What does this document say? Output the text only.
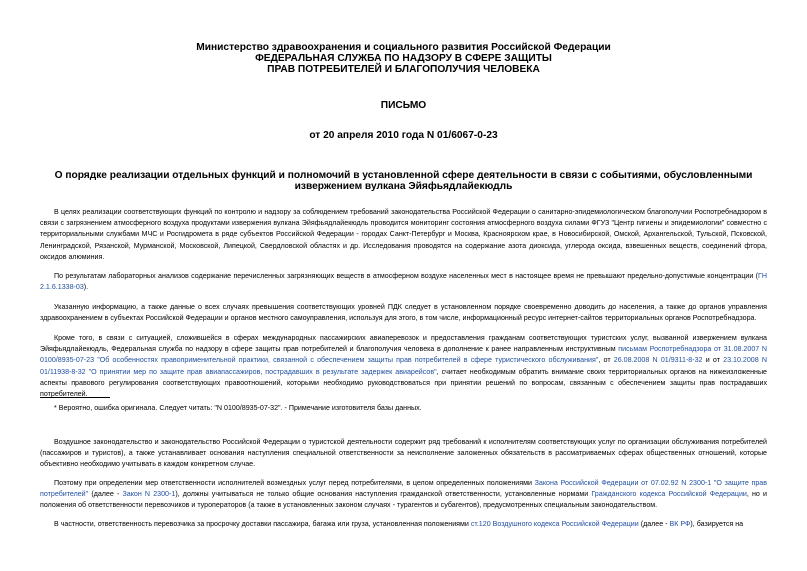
Министерство здравоохранения и социального развития Российской Федерации
ФЕДЕРАЛЬНАЯ СЛУЖБА ПО НАДЗОРУ В СФЕРЕ ЗАЩИТЫ
ПРАВ ПОТРЕБИТЕЛЕЙ И БЛАГОПОЛУЧИЯ ЧЕЛОВЕКА
ПИСЬМО
от 20 апреля 2010 года N 01/6067-0-23
О порядке реализации отдельных функций и полномочий в установленной сфере деятельности в связи с событиями, обусловленными извержением вулкана Эйяфьядлайекюдль

В целях реализации соответствующих функций по контролю и надзору за соблюдением требований законодательства Российской Федерации о санитарно-эпидемиологическом благополучии Роспотребнадзором в связи с загрязнением атмосферного воздуха продуктами извержения вулкана Эйяфьядлайекюдль проводится мониторинг состояния атмосферного воздуха силами ФГУЗ "Центр гигиены и эпидемиологии" совместно с территориальными службами МЧС и Росгидромета в ряде субъектов Российской Федерации - городах Санкт-Петербург и Москва, Красноярском крае, в Новосибирской, Омской, Архангельской, Тульской, Псковской, Ленинградской, Рязанской, Мурманской, Московской, Липецкой, Свердловской областях и др. Исследования проводятся на содержание азота диоксида, углерода оксида, взвешенных веществ, соединений фтора, оксидов алюминия.

По результатам лабораторных анализов содержание перечисленных загрязняющих веществ в атмосферном воздухе населенных мест в настоящее время не превышают предельно-допустимые концентрации (ГН 2.1.6.1338-03).

Указанную информацию, а также данные о всех случаях превышения соответствующих уровней ПДК следует в установленном порядке своевременно доводить до населения, а также до органов управления здравоохранением в субъектах Российской Федерации и органов местного самоуправления, используя для этого, в том числе, информационный ресурс интернет-сайтов территориальных органов Роспотребнадзора.

Кроме того, в связи с ситуацией, сложившейся в сферах международных пассажирских авиаперевозок и предоставления гражданам соответствующих туристских услуг, вызванной извержением вулкана Эйяфьядлайекюдль, Федеральная служба по надзору в сфере защиты прав потребителей и благополучия человека в дополнение к ранее направленным инструктивным письмам Роспотребнадзора от 31.08.2007 N 0100/8935-07-23 "Об особенностях правоприменительной практики, связанной с обеспечением защиты прав потребителей в сфере туристического обслуживания", от 26.08.2008 N 01/9311-8-32 и от 23.10.2008 N 01/11938-8-32 "О принятии мер по защите прав авиапассажиров, пострадавших в результате задержек авиарейсов", считает необходимым обратить внимание своих территориальных органов на нижеизложенные аспекты правового регулирования соответствующих правоотношений, которыми необходимо руководствоваться при принятии решений по вопросам, связанным с обеспечением защиты прав пострадавших потребителей.

* Вероятно, ошибка оригинала. Следует читать: "N 0100/8935-07-32". - Примечание изготовителя базы данных.

Воздушное законодательство и законодательство Российской Федерации о туристской деятельности содержит ряд требований к исполнителям соответствующих услуг по организации обслуживания потребителей (пассажиров и туристов), а также устанавливает основания наступления специальной ответственности за неисполнение заложенных обязательств в рассматриваемых сферах общественных отношений, которые объективно необходимо учитывать в каждом конкретном случае.

Поэтому при определении мер ответственности исполнителей возмездных услуг перед потребителями, в целом определенных положениями Закона Российской Федерации от 07.02.92 N 2300-1 "О защите прав потребителей" (далее - Закон N 2300-1), должны учитываться не только общие основания наступления гражданской ответственности, установленные нормами Гражданского кодекса Российской Федерации, но и положения об ответственности перевозчиков и туроператоров (а также в установленных законом случаях - турагентов и субагентов), предусмотренных специальным законодательством.

В частности, ответственность перевозчика за просрочку доставки пассажира, багажа или груза, установленная положениями ст.120 Воздушного кодекса Российской Федерации (далее - ВК РФ), базируется на
